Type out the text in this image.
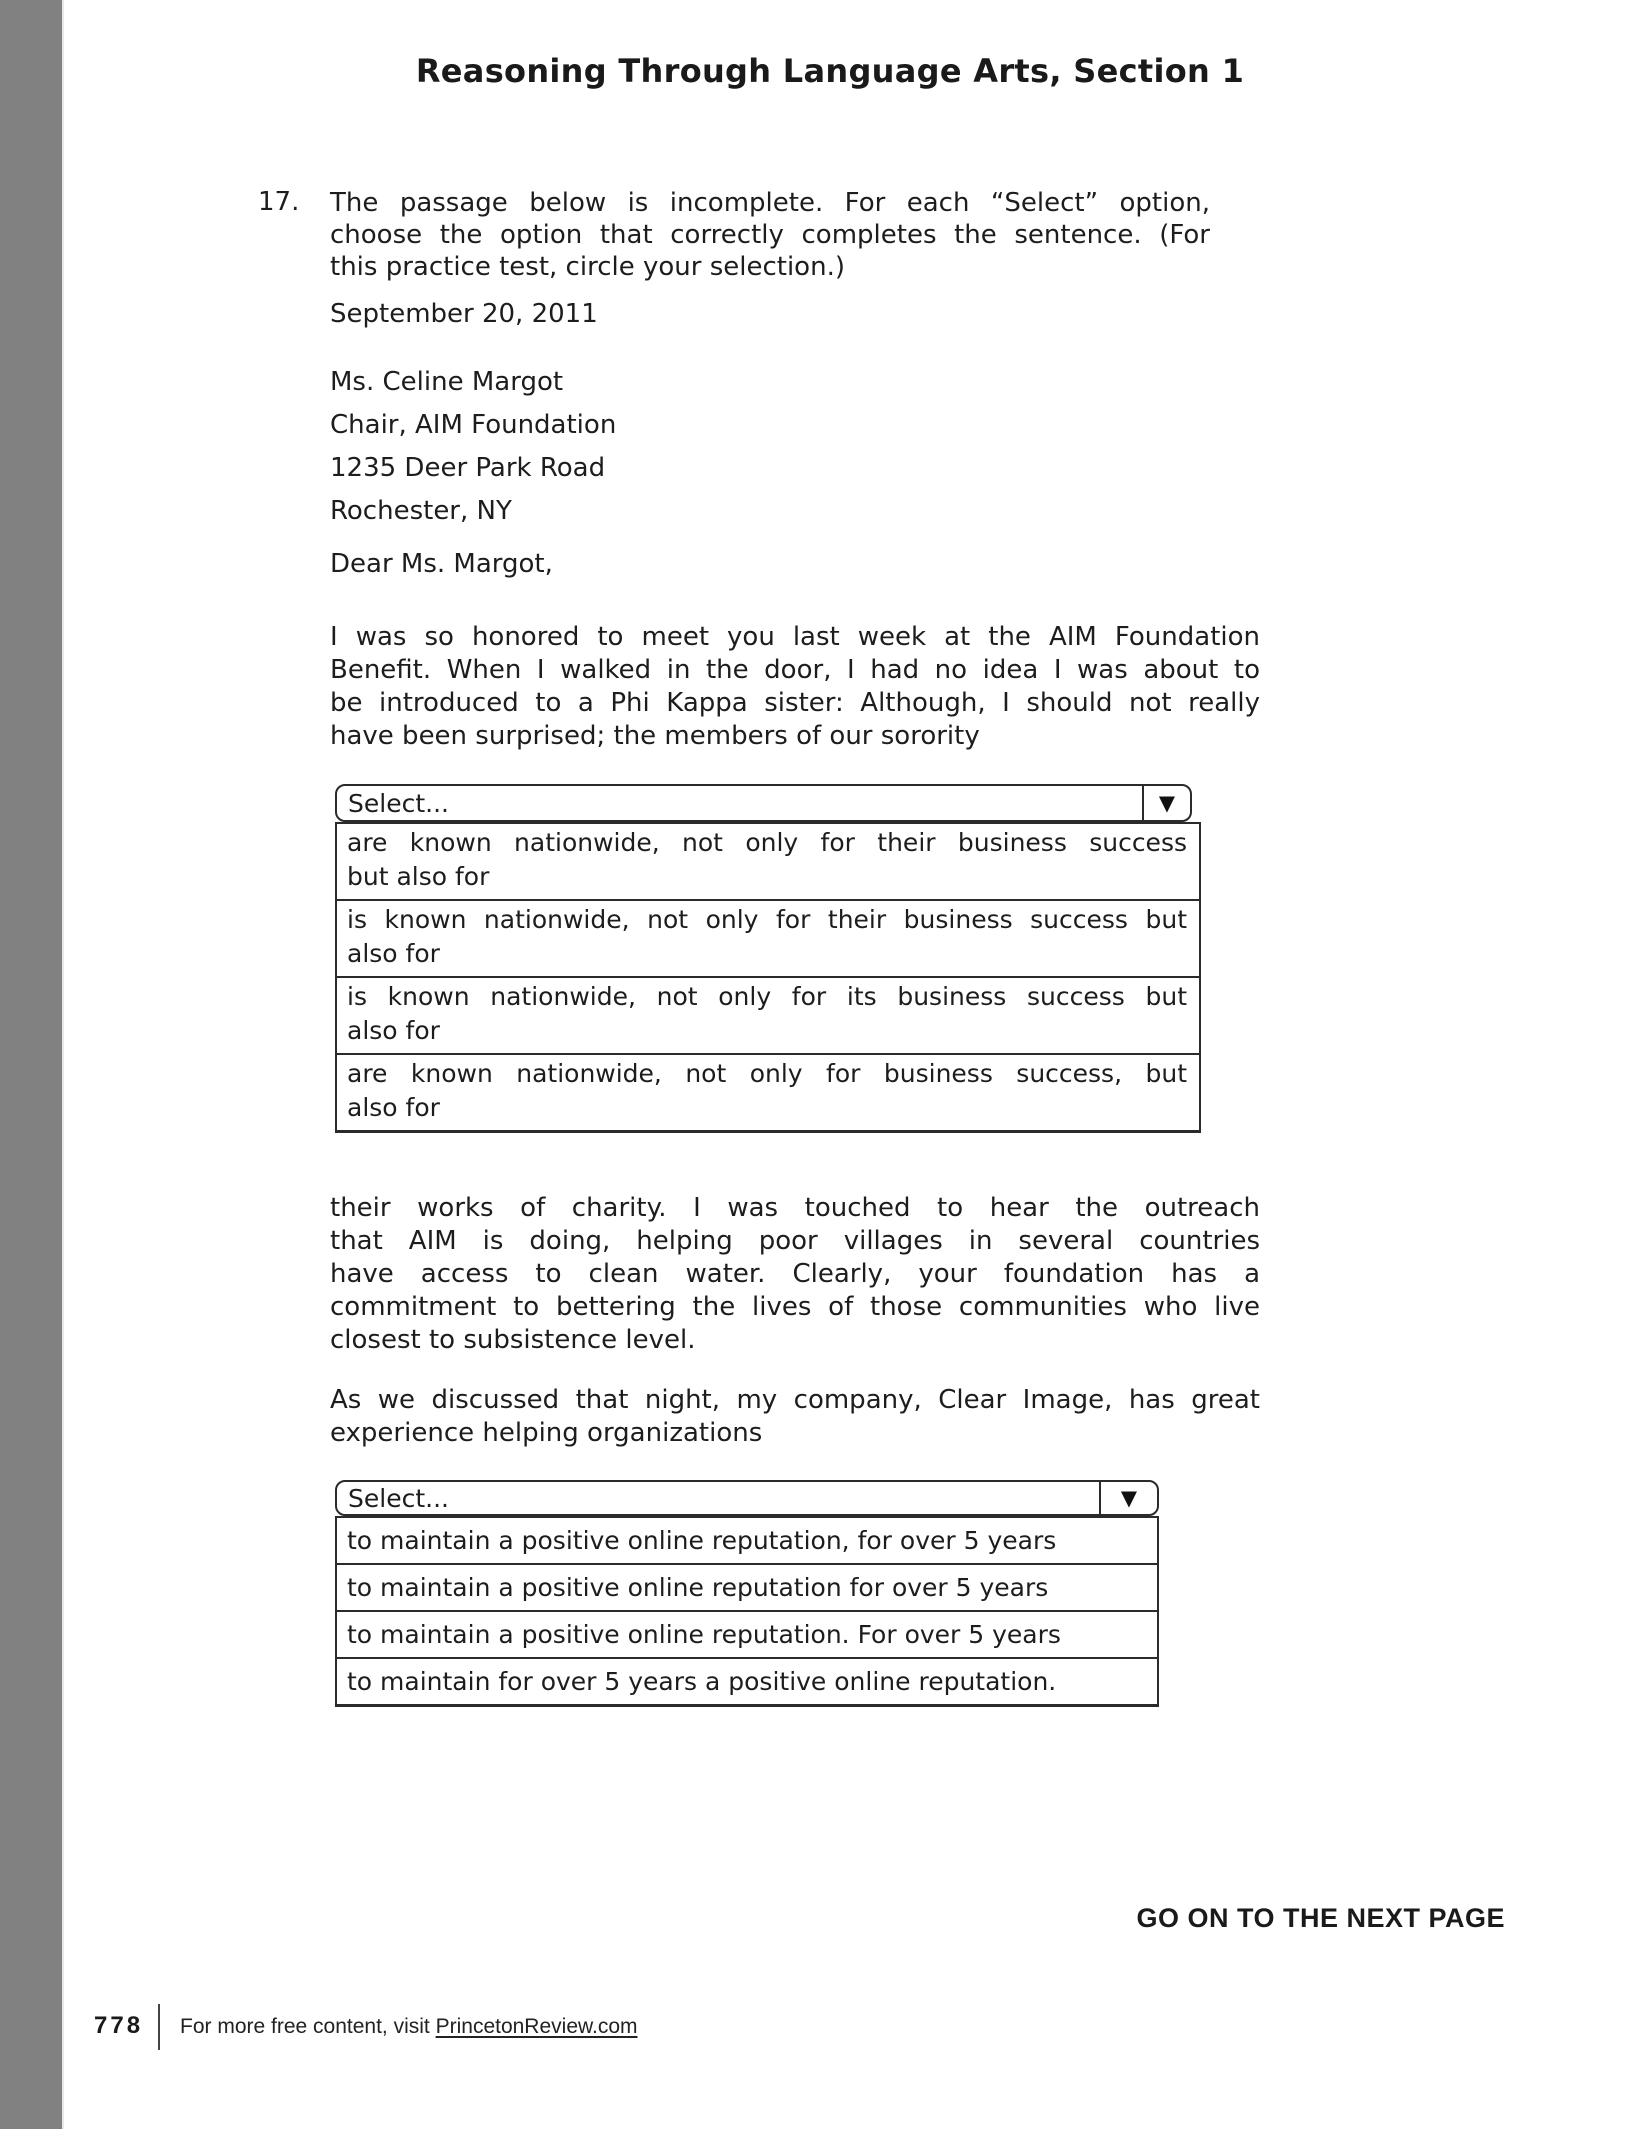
Reasoning Through Language Arts, Section 1
17. The passage below is incomplete. For each “Select” option,
choose the option that correctly completes the sentence. (For
this practice test, circle your selection.)
September 20, 2011
Ms. Celine Margot
Chair, AIM Foundation
1235 Deer Park Road
Rochester, NY
Dear Ms. Margot,
I was so honored to meet you last week at the AIM Foundation
Benefit. When I walked in the door, I had no idea I was about to
be introduced to a Phi Kappa sister: Although, I should not really
have been surprised; the members of our sorority
Select...	▼
are known nationwide, not only for their business success
but also for
is known nationwide, not only for their business success but
also for
is known nationwide, not only for its business success but
also for
are known nationwide, not only for business success, but
also for
their works of charity. I was touched to hear the outreach
that AIM is doing, helping poor villages in several countries
have access to clean water. Clearly, your foundation has a
commitment to bettering the lives of those communities who live
closest to subsistence level.
As we discussed that night, my company, Clear Image, has great
experience helping organizations
Select...	▼
to maintain a positive online reputation, for over 5 years
to maintain a positive online reputation for over 5 years
to maintain a positive online reputation. For over 5 years
to maintain for over 5 years a positive online reputation.
GO ON TO THE NEXT PAGE
778 For more free content, visit PrincetonReview.com
